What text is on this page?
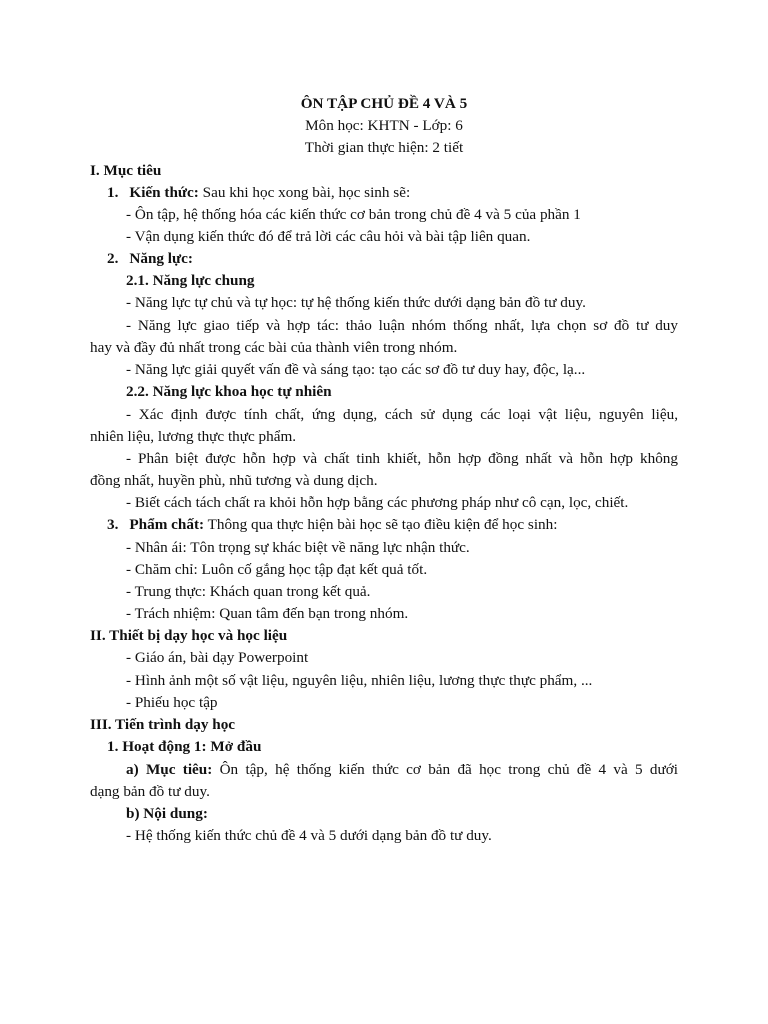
ÔN TẬP CHỦ ĐỀ 4 VÀ 5
Môn học: KHTN - Lớp: 6
Thời gian thực hiện: 2 tiết
I. Mục tiêu
1. Kiến thức: Sau khi học xong bài, học sinh sẽ:
- Ôn tập, hệ thống hóa các kiến thức cơ bản trong chủ đề 4 và 5 của phần 1
- Vận dụng kiến thức đó để trả lời các câu hỏi và bài tập liên quan.
2. Năng lực:
2.1. Năng lực chung
- Năng lực tự chủ và tự học: tự hệ thống kiến thức dưới dạng bản đồ tư duy.
- Năng lực giao tiếp và hợp tác: thảo luận nhóm thống nhất, lựa chọn sơ đồ tư duy
hay và đầy đủ nhất trong các bài của thành viên trong nhóm.
- Năng lực giải quyết vấn đề và sáng tạo: tạo các sơ đồ tư duy hay, độc, lạ...
2.2. Năng lực khoa học tự nhiên
- Xác định được tính chất, ứng dụng, cách sử dụng các loại vật liệu, nguyên liệu,
nhiên liệu, lương thực thực phẩm.
- Phân biệt được hỗn hợp và chất tinh khiết, hỗn hợp đồng nhất và hỗn hợp không
đồng nhất, huyền phù, nhũ tương và dung dịch.
- Biết cách tách chất ra khỏi hỗn hợp bằng các phương pháp như cô cạn, lọc, chiết.
3. Phẩm chất: Thông qua thực hiện bài học sẽ tạo điều kiện để học sinh:
- Nhân ái: Tôn trọng sự khác biệt về năng lực nhận thức.
- Chăm chỉ: Luôn cố gắng học tập đạt kết quả tốt.
- Trung thực: Khách quan trong kết quả.
- Trách nhiệm: Quan tâm đến bạn trong nhóm.
II. Thiết bị dạy học và học liệu
- Giáo án, bài dạy Powerpoint
- Hình ảnh một số vật liệu, nguyên liệu, nhiên liệu, lương thực thực phẩm, ...
- Phiếu học tập
III. Tiến trình dạy học
1. Hoạt động 1: Mở đầu
a) Mục tiêu: Ôn tập, hệ thống kiến thức cơ bản đã học trong chủ đề 4 và 5 dưới
dạng bản đồ tư duy.
b) Nội dung:
- Hệ thống kiến thức chủ đề 4 và 5 dưới dạng bản đồ tư duy.
